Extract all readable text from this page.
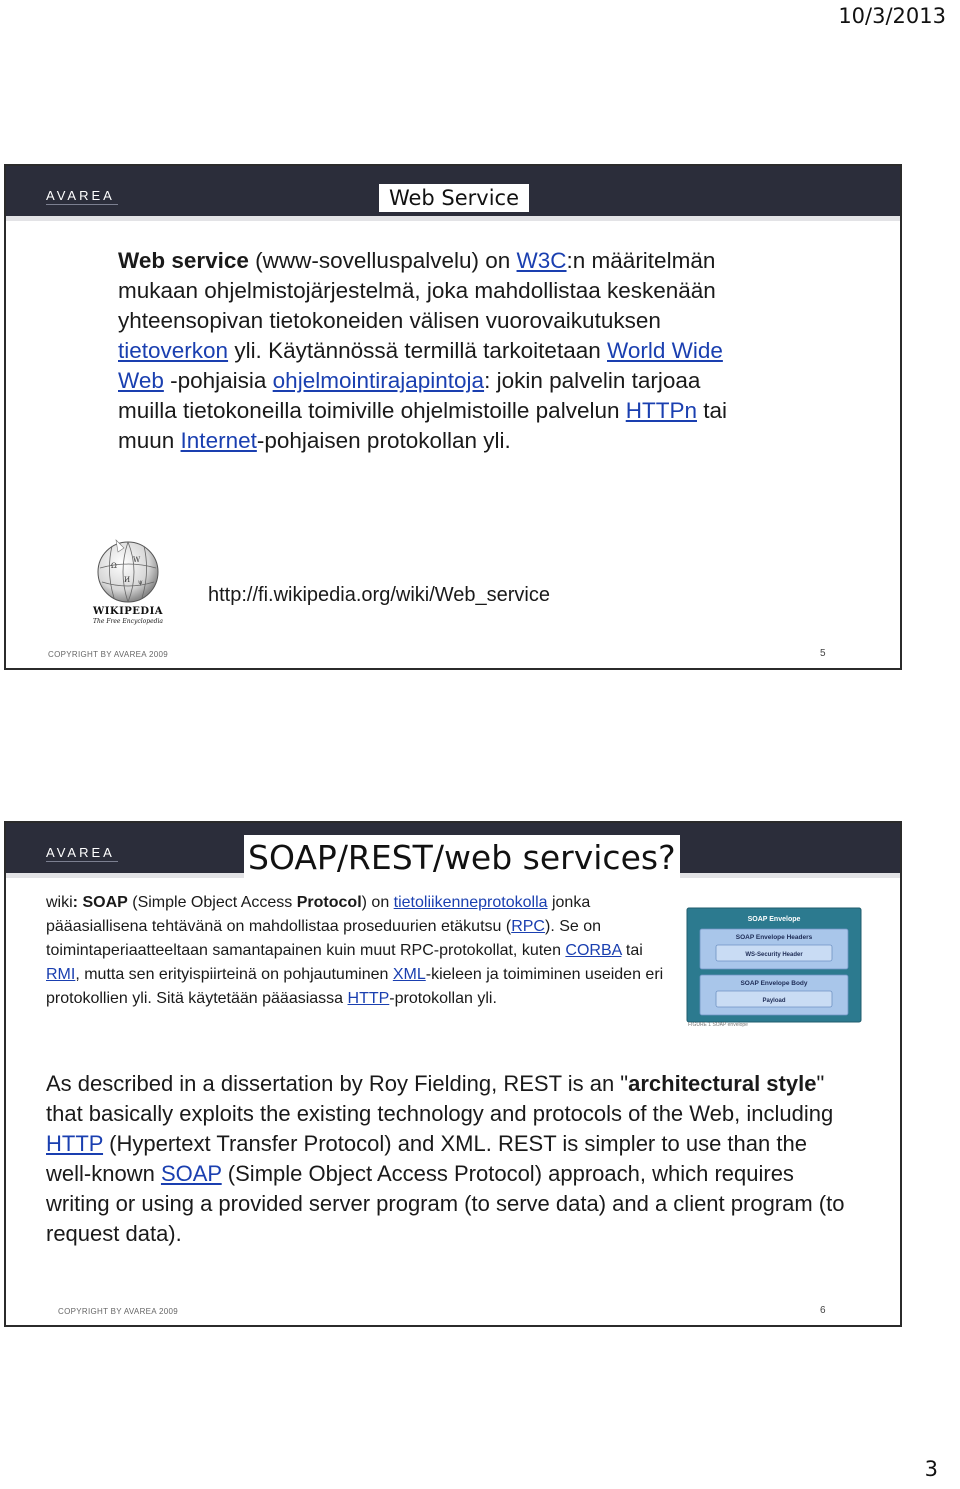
10/3/2013
AVAREA	Web Service
Web service (www-sovelluspalvelu) on W3C:n määritelmän mukaan ohjelmistojärjestelmä, joka mahdollistaa keskenään yhteensopivan tietokoneiden välisen vuorovaikutuksen tietoverkon yli. Käytännössä termillä tarkoitetaan World Wide Web -pohjaisia ohjelmointirajapintoja: jokin palvelin tarjoaa muilla tietokoneilla toimiville ohjelmistoille palvelun HTTPn tai muun Internet-pohjaisen protokollan yli.
Ω
W
И ψ
WIKIPEDIA
The Free Encyclopedia
http://fi.wikipedia.org/wiki/Web_service
COPYRIGHT BY AVAREA 2009	5
AVAREA	SOAP/REST/web services?
wiki: SOAP (Simple Object Access Protocol) on tietoliikenneprotokolla jonka pääasiallisena tehtävänä on mahdollistaa proseduurien etäkutsu (RPC). Se on toimintaperiaatteeltaan samantapainen kuin muut RPC-protokollat, kuten CORBA tai RMI, mutta sen erityispiirteinä on pohjautuminen XML-kieleen ja toimiminen useiden eri protokollien yli. Sitä käytetään pääasiassa HTTP-protokollan yli.
SOAP Envelope
SOAP Envelope Headers
WS-Security Header
SOAP Envelope Body
Payload
FIGURE 1 SOAP envelope
As described in a dissertation by Roy Fielding, REST is an "architectural style" that basically exploits the existing technology and protocols of the Web, including HTTP (Hypertext Transfer Protocol) and XML. REST is simpler to use than the well-known SOAP (Simple Object Access Protocol) approach, which requires writing or using a provided server program (to serve data) and a client program (to request data).
COPYRIGHT BY AVAREA 2009	6
3
